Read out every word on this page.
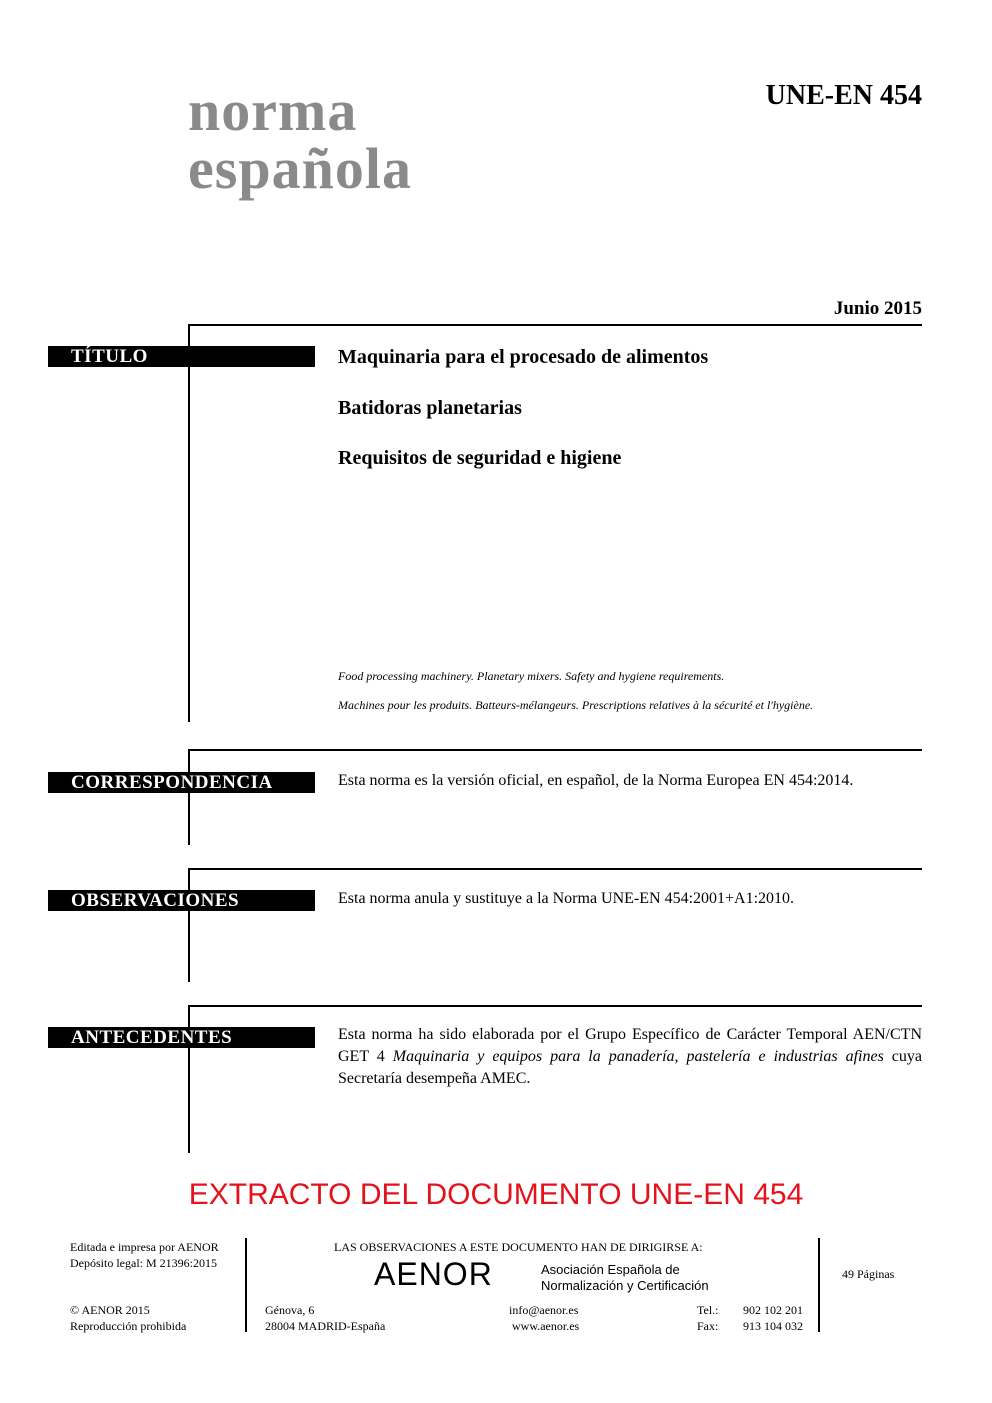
norma
española
UNE-EN 454
Junio 2015
TÍTULO	Maquinaria para el procesado de alimentos
Batidoras planetarias
Requisitos de seguridad e higiene
Food processing machinery. Planetary mixers. Safety and hygiene requirements.
Machines pour les produits. Batteurs-mélangeurs. Prescriptions relatives à la sécurité et l'hygiène.
CORRESPONDENCIA	Esta norma es la versión oficial, en español, de la Norma Europea EN 454:2014.
OBSERVACIONES	Esta norma anula y sustituye a la Norma UNE-EN 454:2001+A1:2010.
ANTECEDENTES	Esta norma ha sido elaborada por el Grupo Específico de Carácter Temporal AEN/CTN GET 4 Maquinaria y equipos para la panadería, pastelería e industrias afines cuya Secretaría desempeña AMEC.
EXTRACTO DEL DOCUMENTO UNE-EN 454
Editada e impresa por AENOR
Depósito legal: M 21396:2015
© AENOR 2015
Reproducción prohibida
LAS OBSERVACIONES A ESTE DOCUMENTO HAN DE DIRIGIRSE A:
AENOR	Asociación Española de
Normalización y Certificación
Génova, 6
28004 MADRID-España
info@aenor.es
www.aenor.es
Tel.: 902 102 201
Fax: 913 104 032
49 Páginas
